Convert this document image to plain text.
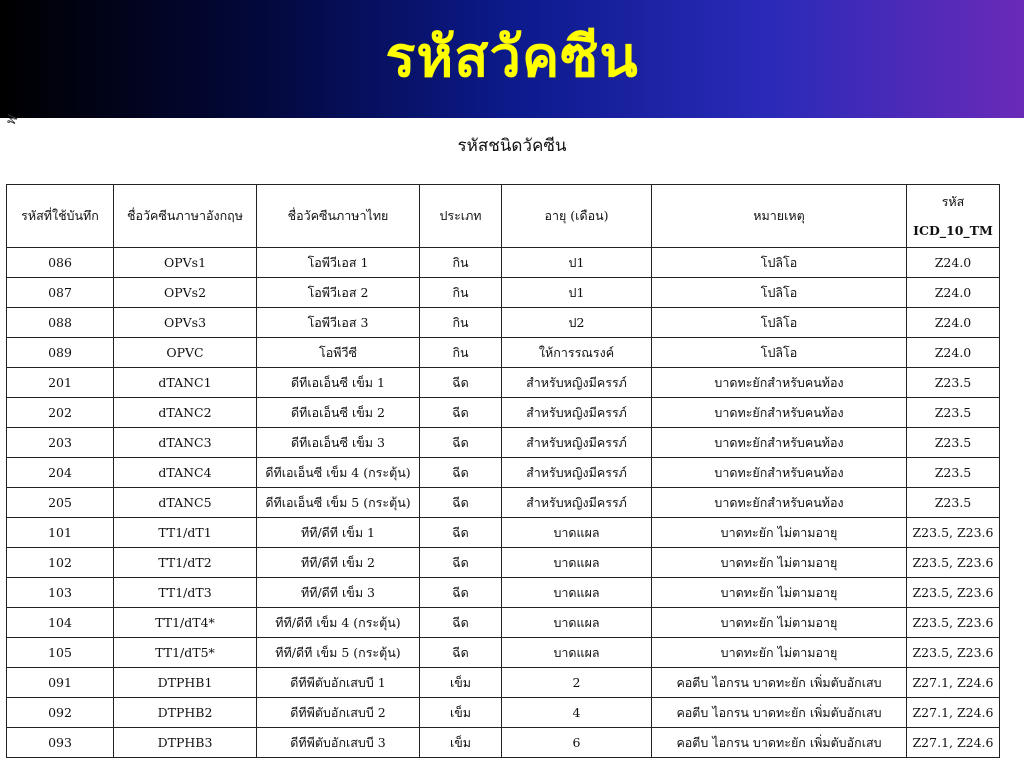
รหัสวัคซีน
ฟ
รหัสชนิดวัคซีน
รหัสที่ใช้บันทึก	ชื่อวัคซีนภาษาอังกฤษ	ชื่อวัคซีนภาษาไทย	ประเภท	อายุ (เดือน)	หมายเหตุ	รหัส
ICD_10_TM

086	OPVs1	โอพีวีเอส 1	กิน	ป1	โปลิโอ	Z24.0
087	OPVs2	โอพีวีเอส 2	กิน	ป1	โปลิโอ	Z24.0
088	OPVs3	โอพีวีเอส 3	กิน	ป2	โปลิโอ	Z24.0
089	OPVC	โอพีวีซี	กิน	ให้การรณรงค์	โปลิโอ	Z24.0
201	dTANC1	ดีทีเอเอ็นซี เข็ม 1	ฉีด	สำหรับหญิงมีครรภ์	บาดทะยักสำหรับคนท้อง	Z23.5
202	dTANC2	ดีทีเอเอ็นซี เข็ม 2	ฉีด	สำหรับหญิงมีครรภ์	บาดทะยักสำหรับคนท้อง	Z23.5
203	dTANC3	ดีทีเอเอ็นซี เข็ม 3	ฉีด	สำหรับหญิงมีครรภ์	บาดทะยักสำหรับคนท้อง	Z23.5
204	dTANC4	ดีทีเอเอ็นซี เข็ม 4 (กระตุ้น)	ฉีด	สำหรับหญิงมีครรภ์	บาดทะยักสำหรับคนท้อง	Z23.5
205	dTANC5	ดีทีเอเอ็นซี เข็ม 5 (กระตุ้น)	ฉีด	สำหรับหญิงมีครรภ์	บาดทะยักสำหรับคนท้อง	Z23.5
101	TT1/dT1	ทีที/ดีที เข็ม 1	ฉีด	บาดแผล	บาดทะยัก ไม่ตามอายุ	Z23.5, Z23.6
102	TT1/dT2	ทีที/ดีที เข็ม 2	ฉีด	บาดแผล	บาดทะยัก ไม่ตามอายุ	Z23.5, Z23.6
103	TT1/dT3	ทีที/ดีที เข็ม 3	ฉีด	บาดแผล	บาดทะยัก ไม่ตามอายุ	Z23.5, Z23.6
104	TT1/dT4*	ทีที/ดีที เข็ม 4 (กระตุ้น)	ฉีด	บาดแผล	บาดทะยัก ไม่ตามอายุ	Z23.5, Z23.6
105	TT1/dT5*	ทีที/ดีที เข็ม 5 (กระตุ้น)	ฉีด	บาดแผล	บาดทะยัก ไม่ตามอายุ	Z23.5, Z23.6
091	DTPHB1	ดีทีพีตับอักเสบบี 1	เข็ม	2	คอตีบ ไอกรน บาดทะยัก เพิ่มตับอักเสบ	Z27.1, Z24.6
092	DTPHB2	ดีทีพีตับอักเสบบี 2	เข็ม	4	คอตีบ ไอกรน บาดทะยัก เพิ่มตับอักเสบ	Z27.1, Z24.6
093	DTPHB3	ดีทีพีตับอักเสบบี 3	เข็ม	6	คอตีบ ไอกรน บาดทะยัก เพิ่มตับอักเสบ	Z27.1, Z24.6
